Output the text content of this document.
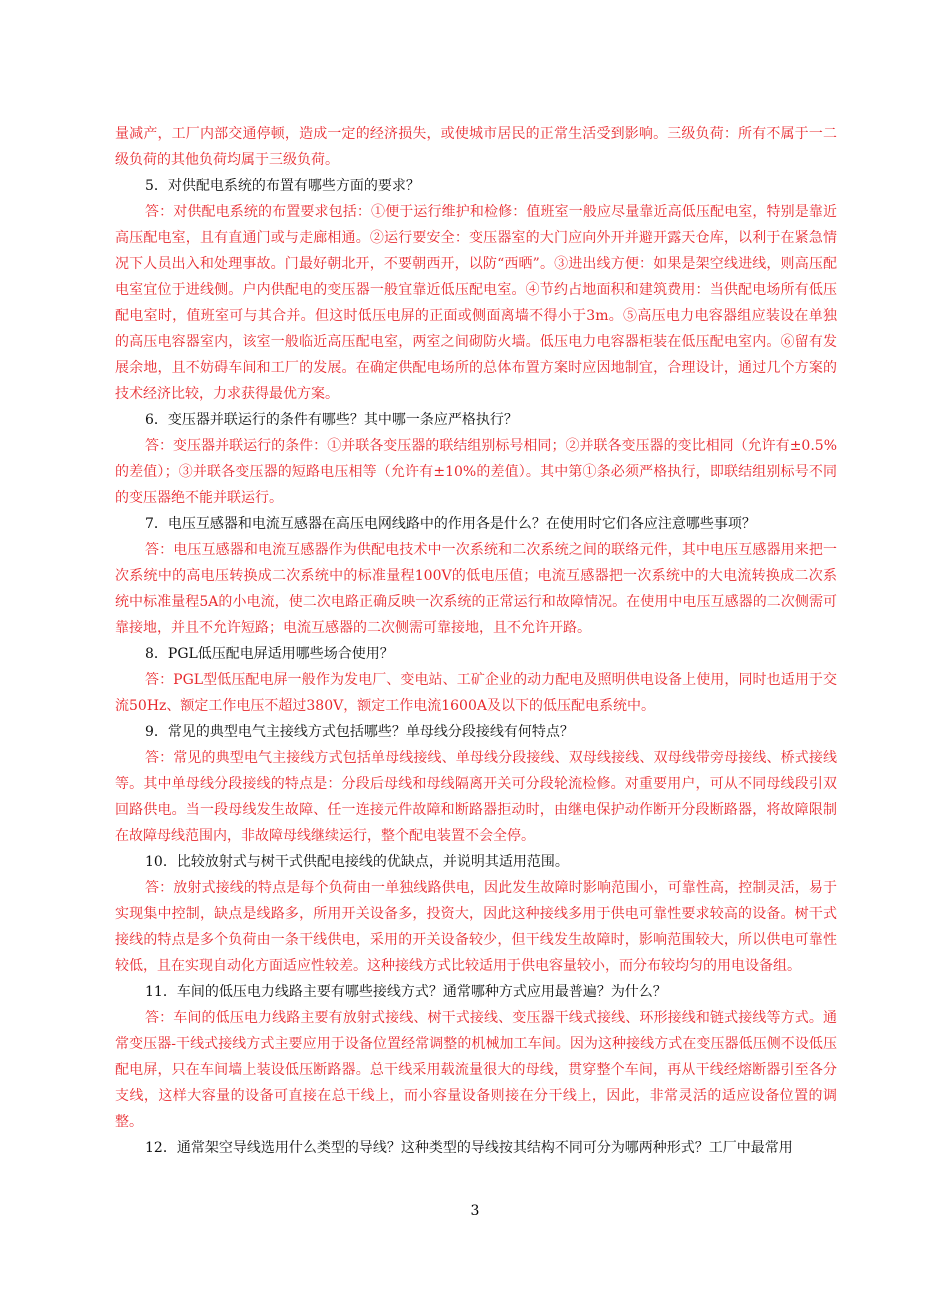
量减产，工厂内部交通停顿，造成一定的经济损失，或使城市居民的正常生活受到影响。三级负荷：所有不属于一二级负荷的其他负荷均属于三级负荷。

5．对供配电系统的布置有哪些方面的要求？

答：对供配电系统的布置要求包括：①便于运行维护和检修：值班室一般应尽量靠近高低压配电室，特别是靠近高压配电室，且有直通门或与走廊相通。②运行要安全：变压器室的大门应向外开并避开露天仓库，以利于在紧急情况下人员出入和处理事故。门最好朝北开，不要朝西开，以防“西晒”。③进出线方便：如果是架空线进线，则高压配电室宜位于进线侧。户内供配电的变压器一般宜靠近低压配电室。④节约占地面积和建筑费用：当供配电场所有低压配电室时，值班室可与其合并。但这时低压电屏的正面或侧面离墙不得小于3m。⑤高压电力电容器组应装设在单独的高压电容器室内，该室一般临近高压配电室，两室之间砌防火墙。低压电力电容器柜装在低压配电室内。⑥留有发展余地，且不妨碍车间和工厂的发展。在确定供配电场所的总体布置方案时应因地制宜，合理设计，通过几个方案的技术经济比较，力求获得最优方案。

6．变压器并联运行的条件有哪些？其中哪一条应严格执行？

答：变压器并联运行的条件：①并联各变压器的联结组别标号相同；②并联各变压器的变比相同（允许有±0.5%的差值）；③并联各变压器的短路电压相等（允许有±10%的差值）。其中第①条必须严格执行，即联结组别标号不同的变压器绝不能并联运行。

7．电压互感器和电流互感器在高压电网线路中的作用各是什么？在使用时它们各应注意哪些事项？

答：电压互感器和电流互感器作为供配电技术中一次系统和二次系统之间的联络元件，其中电压互感器用来把一次系统中的高电压转换成二次系统中的标准量程100V的低电压值；电流互感器把一次系统中的大电流转换成二次系统中标准量程5A的小电流，使二次电路正确反映一次系统的正常运行和故障情况。在使用中电压互感器的二次侧需可靠接地，并且不允许短路；电流互感器的二次侧需可靠接地，且不允许开路。

8．PGL低压配电屏适用哪些场合使用？

答：PGL型低压配电屏一般作为发电厂、变电站、工矿企业的动力配电及照明供电设备上使用，同时也适用于交流50Hz、额定工作电压不超过380V，额定工作电流1600A及以下的低压配电系统中。

9．常见的典型电气主接线方式包括哪些？单母线分段接线有何特点？

答：常见的典型电气主接线方式包括单母线接线、单母线分段接线、双母线接线、双母线带旁母接线、桥式接线等。其中单母线分段接线的特点是：分段后母线和母线隔离开关可分段轮流检修。对重要用户，可从不同母线段引双回路供电。当一段母线发生故障、任一连接元件故障和断路器拒动时，由继电保护动作断开分段断路器，将故障限制在故障母线范围内，非故障母线继续运行，整个配电装置不会全停。

10．比较放射式与树干式供配电接线的优缺点，并说明其适用范围。

答：放射式接线的特点是每个负荷由一单独线路供电，因此发生故障时影响范围小，可靠性高，控制灵活，易于实现集中控制，缺点是线路多，所用开关设备多，投资大，因此这种接线多用于供电可靠性要求较高的设备。树干式接线的特点是多个负荷由一条干线供电，采用的开关设备较少，但干线发生故障时，影响范围较大，所以供电可靠性较低，且在实现自动化方面适应性较差。这种接线方式比较适用于供电容量较小，而分布较均匀的用电设备组。

11．车间的低压电力线路主要有哪些接线方式？通常哪种方式应用最普遍？为什么？

答：车间的低压电力线路主要有放射式接线、树干式接线、变压器干线式接线、环形接线和链式接线等方式。通常变压器-干线式接线方式主要应用于设备位置经常调整的机械加工车间。因为这种接线方式在变压器低压侧不设低压配电屏，只在车间墙上装设低压断路器。总干线采用载流量很大的母线，贯穿整个车间，再从干线经熔断器引至各分支线，这样大容量的设备可直接在总干线上，而小容量设备则接在分干线上，因此，非常灵活的适应设备位置的调整。

12．通常架空导线选用什么类型的导线？这种类型的导线按其结构不同可分为哪两种形式？工厂中最常用

3
